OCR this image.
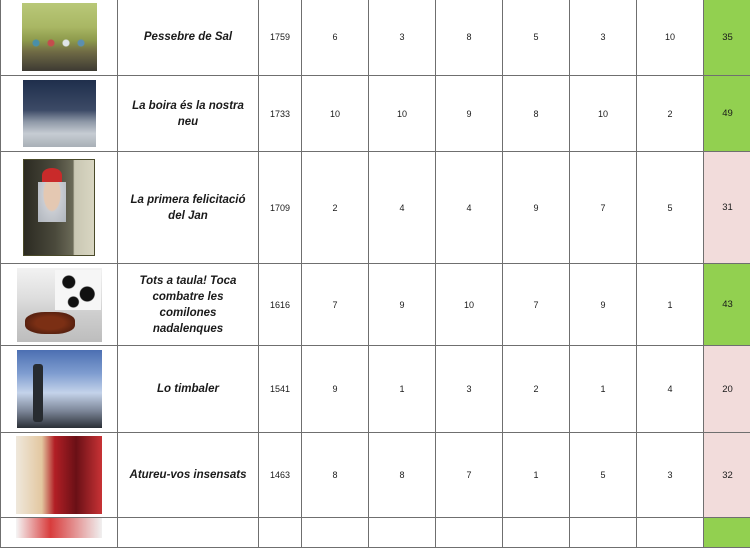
	Pessebre de Sal	1759	6	3	8	5	3	10	35

	La boira és la nostra neu	1733	10	10	9	8	10	2	49

	La primera felicitació del Jan	1709	2	4	4	9	7	5	31

	Tots a taula! Toca combatre les comilones nadalenques	1616	7	9	10	7	9	1	43

	Lo timbaler	1541	9	1	3	2	1	4	20

	Atureu-vos insensats	1463	8	8	7	1	5	3	32
